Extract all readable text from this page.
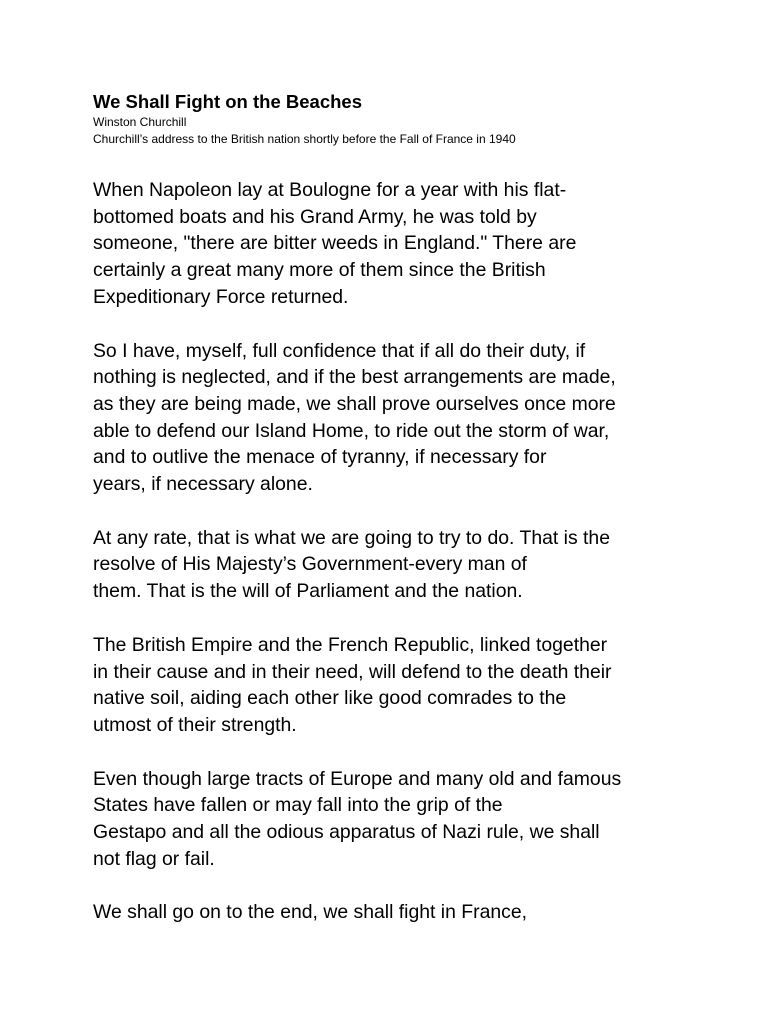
We Shall Fight on the Beaches

Winston Churchill

Churchill’s address to the British nation shortly before the Fall of France in 1940

When Napoleon lay at Boulogne for a year with his flat-
bottomed boats and his Grand Army, he was told by
someone, "there are bitter weeds in England." There are
certainly a great many more of them since the British
Expeditionary Force returned.

So I have, myself, full confidence that if all do their duty, if
nothing is neglected, and if the best arrangements are made,
as they are being made, we shall prove ourselves once more
able to defend our Island Home, to ride out the storm of war,
and to outlive the menace of tyranny, if necessary for
years, if necessary alone.

At any rate, that is what we are going to try to do. That is the
resolve of His Majesty’s Government-every man of
them. That is the will of Parliament and the nation.

The British Empire and the French Republic, linked together
in their cause and in their need, will defend to the death their
native soil, aiding each other like good comrades to the
utmost of their strength.

Even though large tracts of Europe and many old and famous
States have fallen or may fall into the grip of the
Gestapo and all the odious apparatus of Nazi rule, we shall
not flag or fail.

We shall go on to the end, we shall fight in France,
